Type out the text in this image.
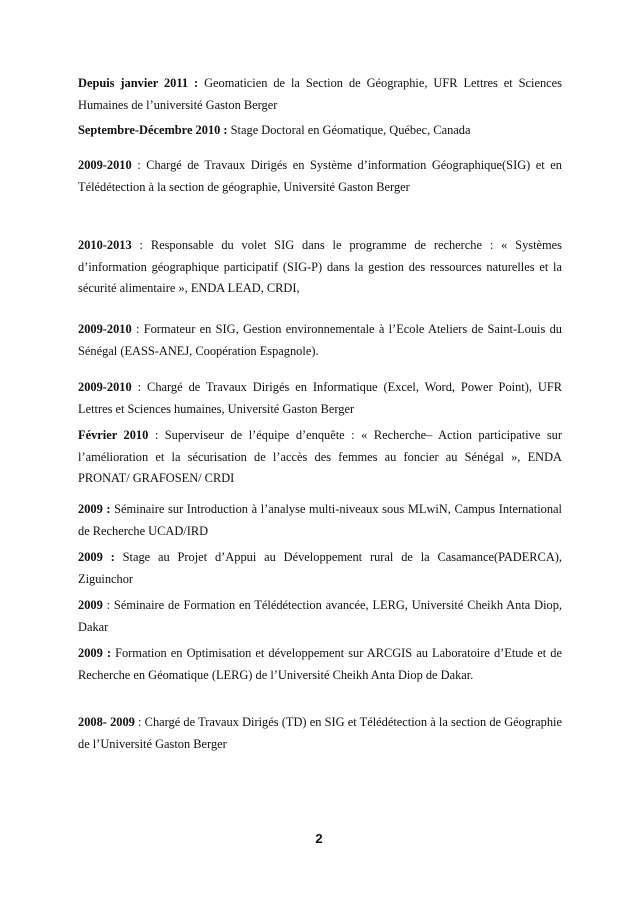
Depuis janvier 2011 : Geomaticien de la Section de Géographie, UFR Lettres et Sciences Humaines de l’université Gaston Berger

Septembre-Décembre 2010 : Stage Doctoral en Géomatique, Québec, Canada

2009-2010 : Chargé de Travaux Dirigés en Système d’information Géographique(SIG) et en Télédétection à la section de géographie, Université Gaston Berger

2010-2013 : Responsable du volet SIG dans le programme de recherche : « Systèmes d’information géographique participatif (SIG-P) dans la gestion des ressources naturelles et la sécurité alimentaire », ENDA LEAD, CRDI,

2009-2010 : Formateur en SIG, Gestion environnementale à l’Ecole Ateliers de Saint-Louis du Sénégal (EASS-ANEJ, Coopération Espagnole).

2009-2010 : Chargé de Travaux Dirigés en Informatique (Excel, Word, Power Point), UFR Lettres et Sciences humaines, Université Gaston Berger

Février 2010 : Superviseur de l’équipe d’enquête : « Recherche– Action participative sur l’amélioration et la sécurisation de l’accès des femmes au foncier au Sénégal », ENDA PRONAT/ GRAFOSEN/ CRDI

2009 : Séminaire sur Introduction à l’analyse multi-niveaux sous MLwiN, Campus International de Recherche UCAD/IRD

2009 : Stage au Projet d’Appui au Développement rural de la Casamance(PADERCA), Ziguinchor

2009 : Séminaire de Formation en Télédétection avancée, LERG, Université Cheikh Anta Diop, Dakar

2009 : Formation en Optimisation et développement sur ARCGIS au Laboratoire d’Etude et de Recherche en Géomatique (LERG) de l’Université Cheikh Anta Diop de Dakar.

2008- 2009 : Chargé de Travaux Dirigés (TD) en SIG et Télédétection à la section de Géographie de l’Université Gaston Berger

2
